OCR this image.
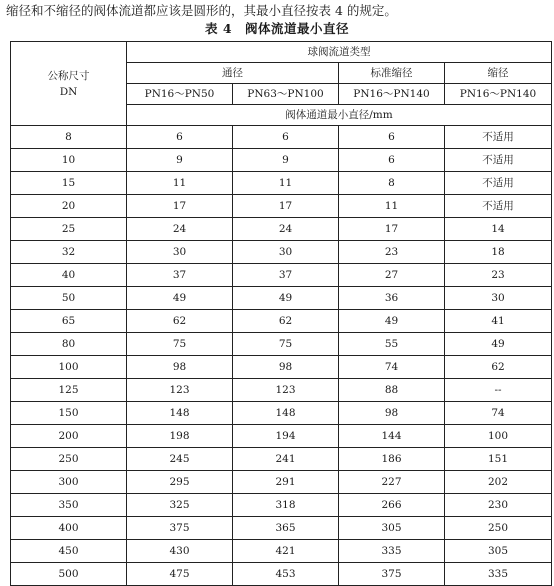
缩径和不缩径的阀体流道都应该是圆形的，其最小直径按表 4 的规定。
表 4　阀体流道最小直径
公称尺寸
DN	球阀流道类型			
	通径		标准缩径	缩径
	PN16～PN50	PN63～PN100	PN16～PN140	PN16～PN140
	阀体通道最小直径/mm			
8	6	6	6	不适用
10	9	9	6	不适用
15	11	11	8	不适用
20	17	17	11	不适用
25	24	24	17	14
32	30	30	23	18
40	37	37	27	23
50	49	49	36	30
65	62	62	49	41
80	75	75	55	49
100	98	98	74	62
125	123	123	88	--
150	148	148	98	74
200	198	194	144	100
250	245	241	186	151
300	295	291	227	202
350	325	318	266	230
400	375	365	305	250
450	430	421	335	305
500	475	453	375	335
